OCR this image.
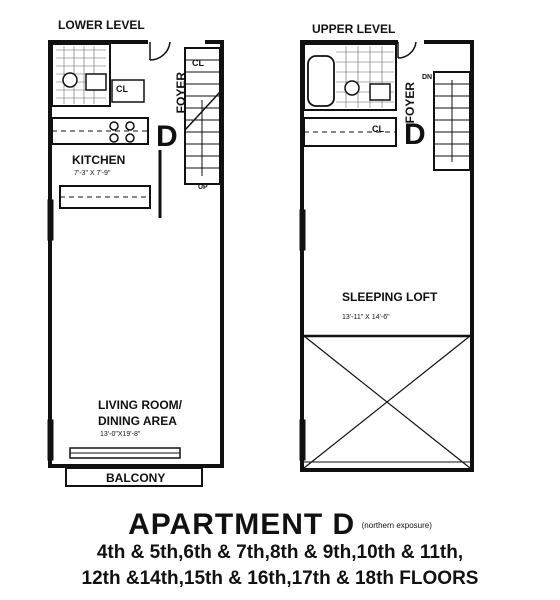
LOWER LEVEL
FOYER
CL
CL
D
UP
KITCHEN
7'-3" X 7'-9"
LIVING ROOM/
DINING AREA
13'-0"X19'-8"
BALCONY
UPPER LEVEL
FOYER
CL D
DN
SLEEPING LOFT
13'-11" X 14'-6"
APARTMENT D $^{(northern exposure)}$
4th & 5th,6th & 7th,8th & 9th,10th & 11th,
12th &14th,15th & 16th,17th & 18th FLOORS
